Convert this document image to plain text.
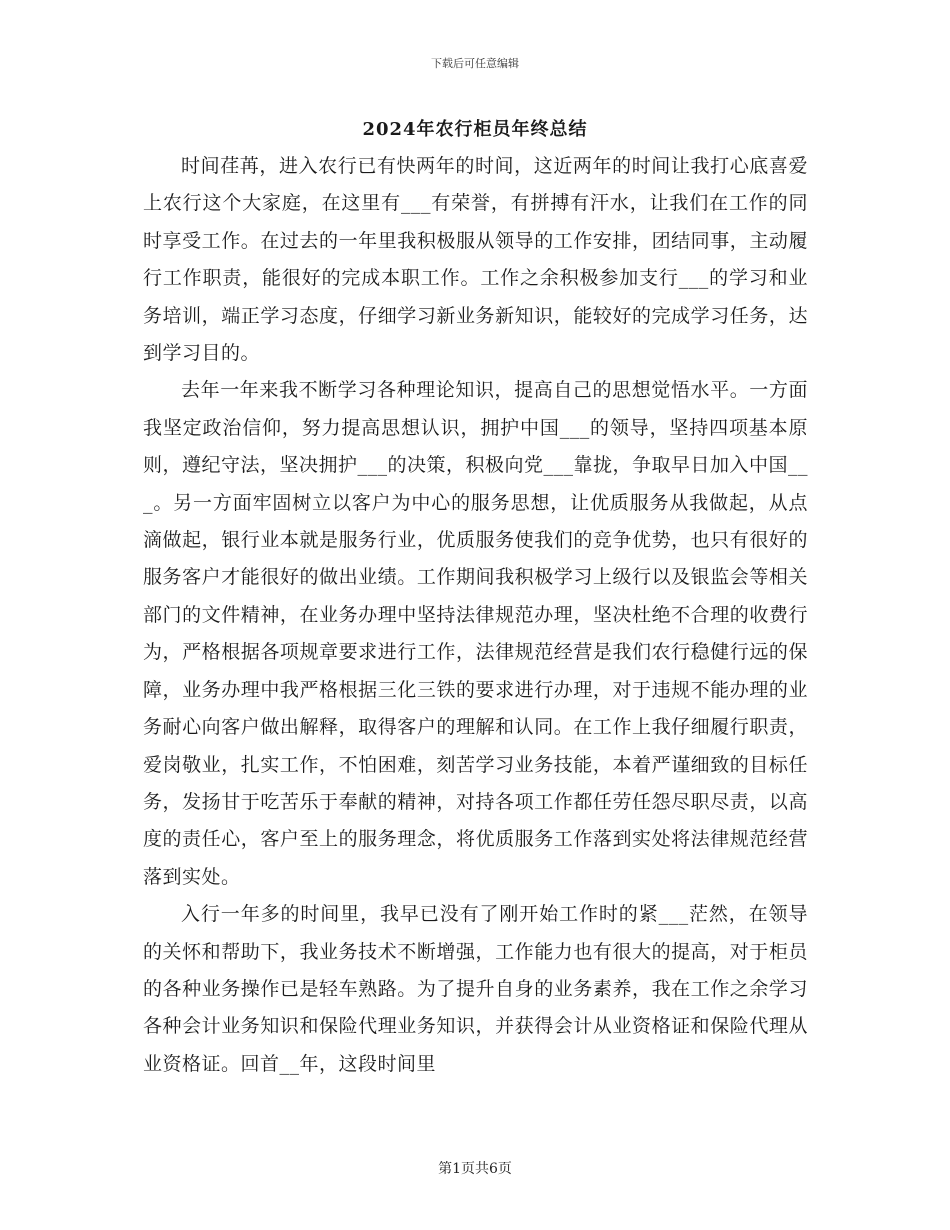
下载后可任意编辑
2024年农行柜员年终总结

时间荏苒，进入农行已有快两年的时间，这近两年的时间让我打心底喜爱上农行这个大家庭，在这里有___有荣誉，有拼搏有汗水，让我们在工作的同时享受工作。在过去的一年里我积极服从领导的工作安排，团结同事，主动履行工作职责，能很好的完成本职工作。工作之余积极参加支行___的学习和业务培训，端正学习态度，仔细学习新业务新知识，能较好的完成学习任务，达到学习目的。

去年一年来我不断学习各种理论知识，提高自己的思想觉悟水平。一方面我坚定政治信仰，努力提高思想认识，拥护中国___的领导，坚持四项基本原则，遵纪守法，坚决拥护___的决策，积极向党___靠拢，争取早日加入中国___。另一方面牢固树立以客户为中心的服务思想，让优质服务从我做起，从点滴做起，银行业本就是服务行业，优质服务使我们的竞争优势，也只有很好的服务客户才能很好的做出业绩。工作期间我积极学习上级行以及银监会等相关部门的文件精神，在业务办理中坚持法律规范办理，坚决杜绝不合理的收费行为，严格根据各项规章要求进行工作，法律规范经营是我们农行稳健行远的保障，业务办理中我严格根据三化三铁的要求进行办理，对于违规不能办理的业务耐心向客户做出解释，取得客户的理解和认同。在工作上我仔细履行职责，爱岗敬业，扎实工作，不怕困难，刻苦学习业务技能，本着严谨细致的目标任务，发扬甘于吃苦乐于奉献的精神，对持各项工作都任劳任怨尽职尽责，以高度的责任心，客户至上的服务理念，将优质服务工作落到实处将法律规范经营落到实处。

入行一年多的时间里，我早已没有了刚开始工作时的紧___茫然，在领导的关怀和帮助下，我业务技术不断增强，工作能力也有很大的提高，对于柜员的各种业务操作已是轻车熟路。为了提升自身的业务素养，我在工作之余学习各种会计业务知识和保险代理业务知识，并获得会计从业资格证和保险代理从业资格证。回首__年，这段时间里

第1页共6页
